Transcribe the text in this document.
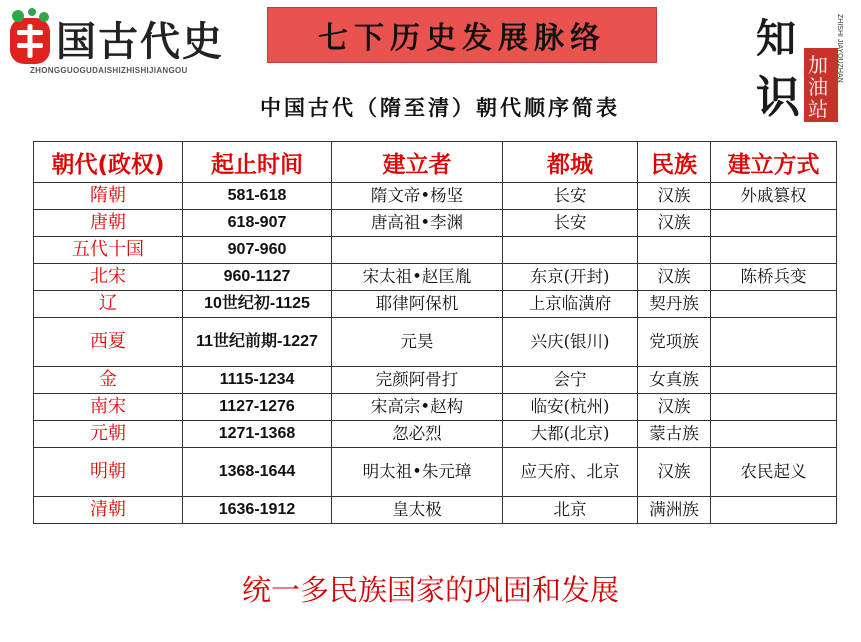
国古代史
ZHONGGUOGUDAISHIZHISHIJIANGOU
七下历史发展脉络	知
识
加
油
站
ZHISHI JIAYOUZHAN
中国古代（隋至清）朝代顺序简表
朝代(政权)	起止时间	建立者	都城	民族	建立方式
隋朝	581-618	隋文帝•杨坚	长安	汉族	外戚篡权
唐朝	618-907	唐高祖•李渊	长安	汉族	
五代十国	907-960				
北宋	960-1127	宋太祖•赵匡胤	东京(开封)	汉族	陈桥兵变
辽	10世纪初-1125	耶律阿保机	上京临潢府	契丹族	
西夏	11世纪前期-1227	元昊	兴庆(银川)	党项族	
金	1115-1234	完颜阿骨打	会宁	女真族	
南宋	1127-1276	宋高宗•赵构	临安(杭州)	汉族	
元朝	1271-1368	忽必烈	大都(北京)	蒙古族	
明朝	1368-1644	明太祖•朱元璋	应天府、北京	汉族	农民起义
清朝	1636-1912	皇太极	北京	满洲族	
统一多民族国家的巩固和发展
